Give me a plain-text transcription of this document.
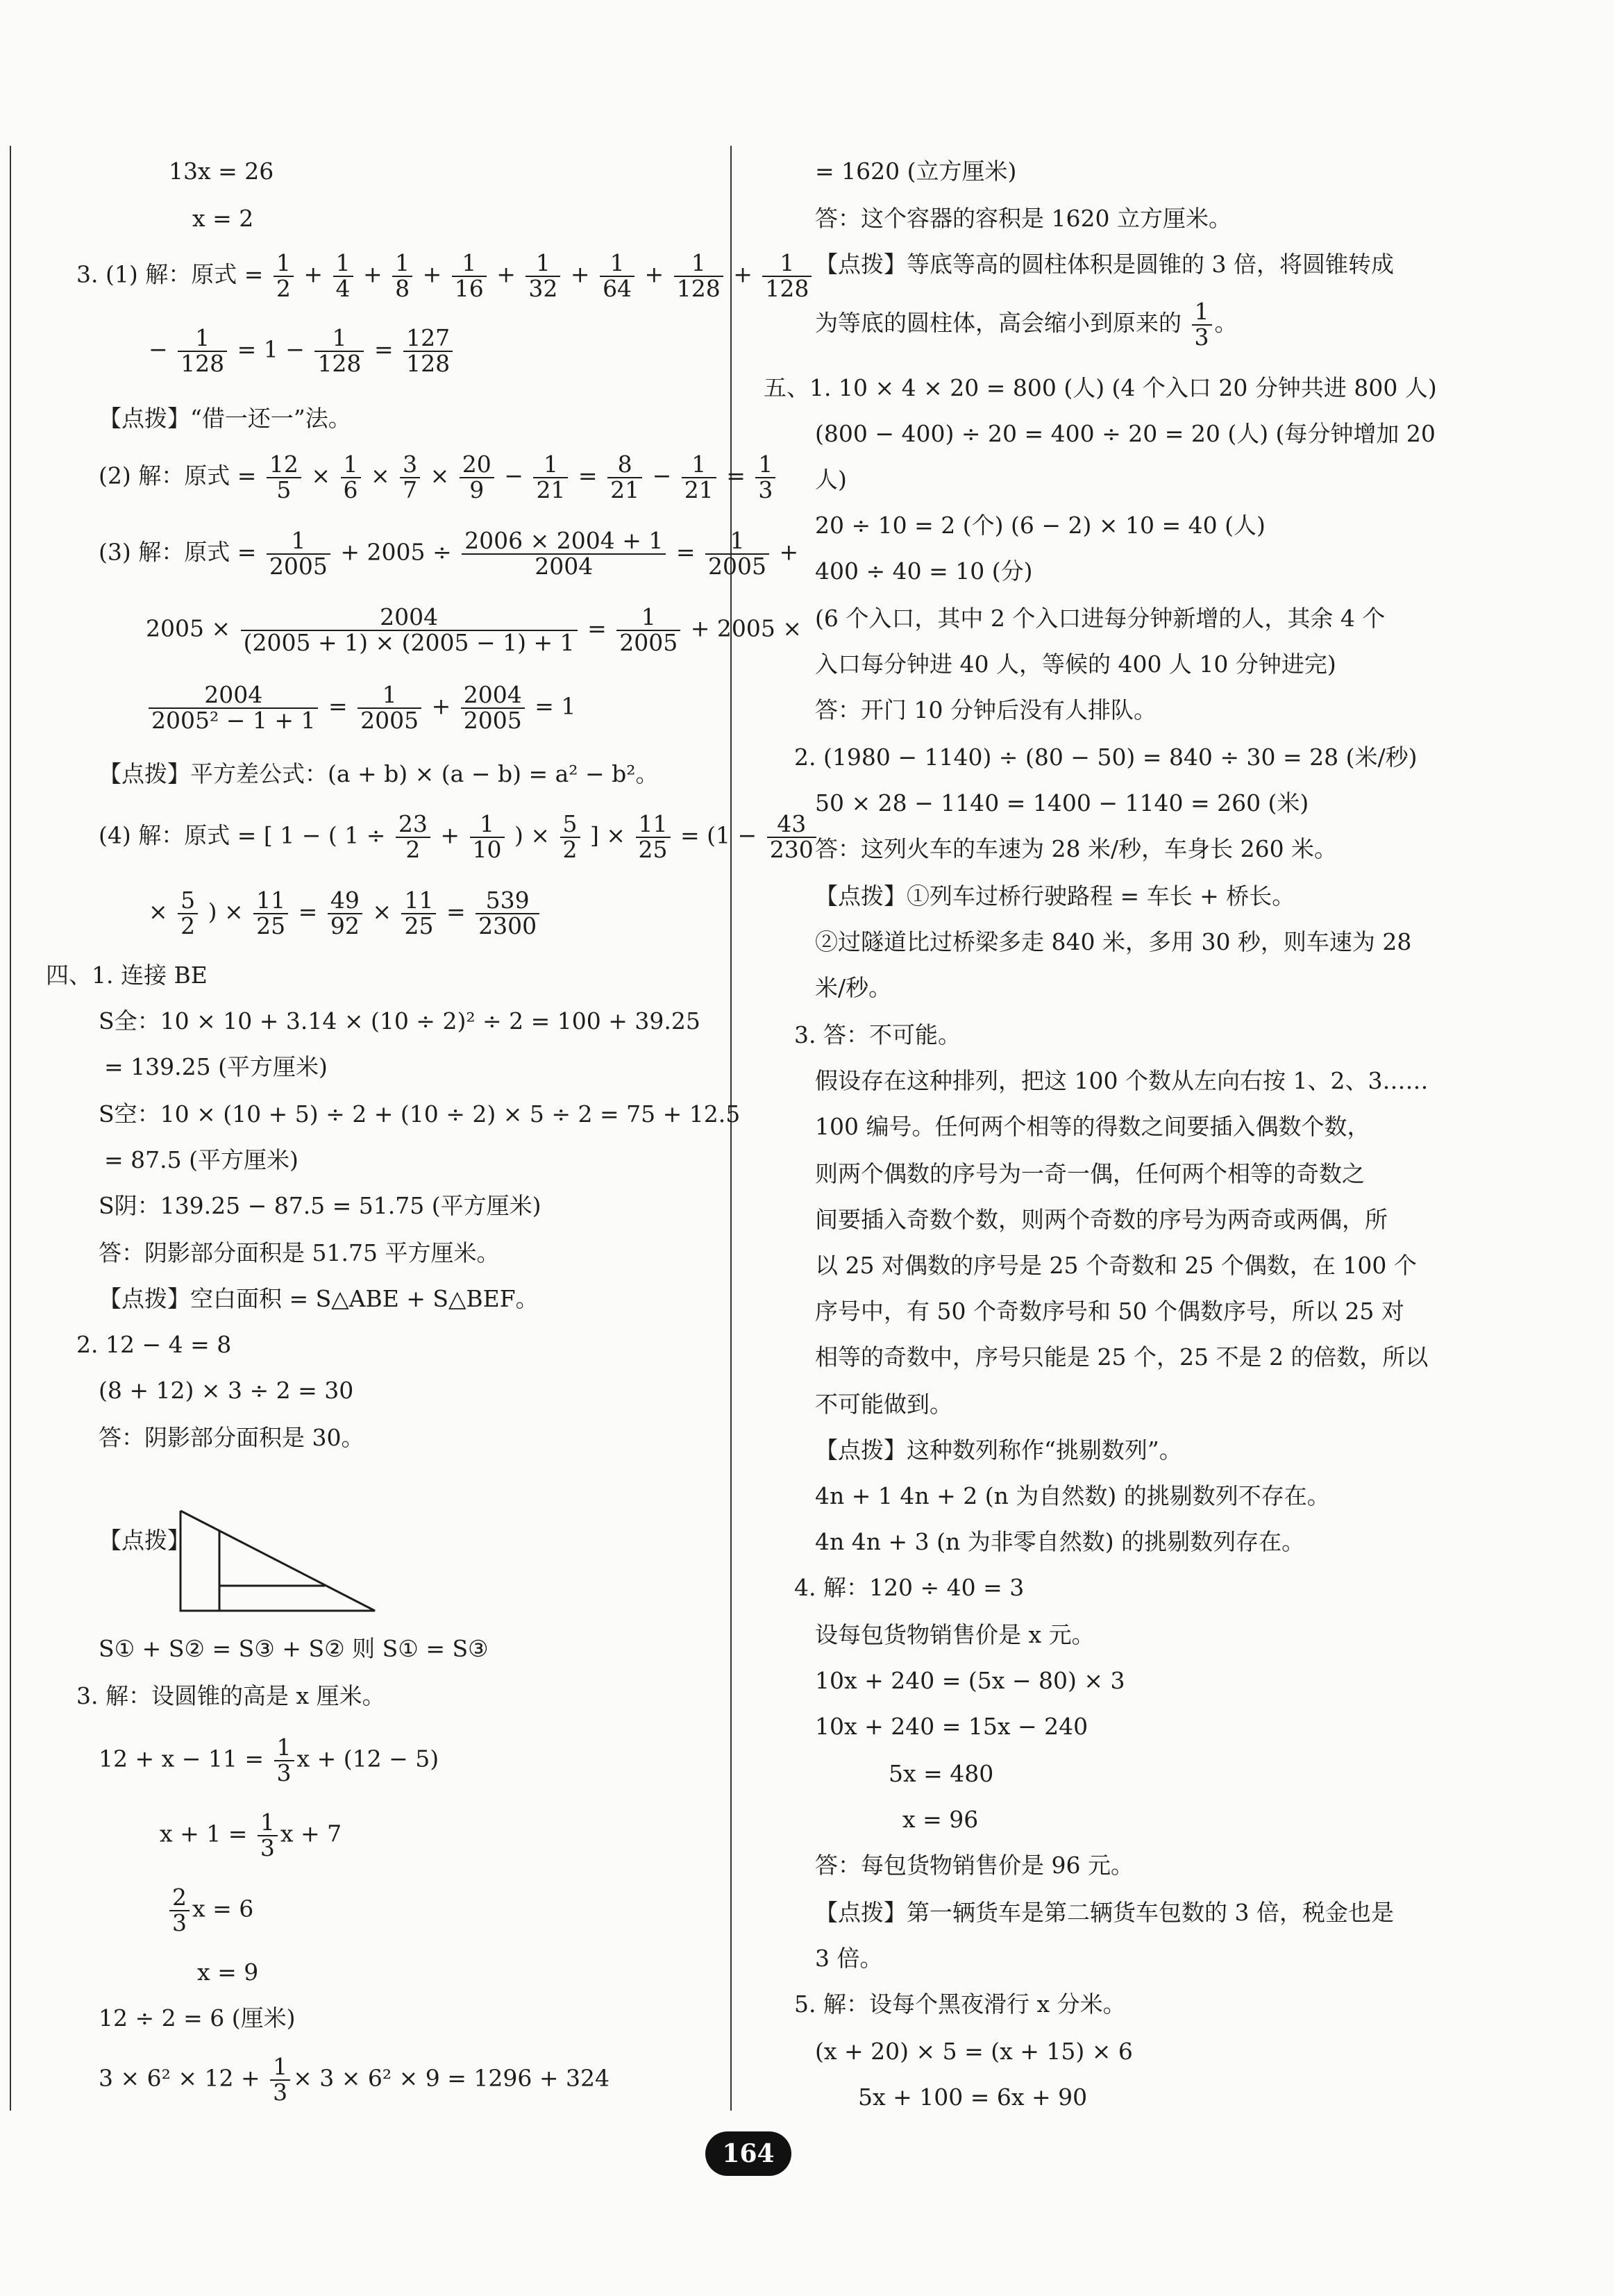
13x = 26
x = 2
3. (1) 解：原式 = $\frac{1}{2} + \frac{1}{4} + \frac{1}{8} + \frac{1}{16} + \frac{1}{32} + \frac{1}{64} + \frac{1}{128} + \frac{1}{128}$
− $\frac{1}{128} = 1 - \frac{1}{128} = \frac{127}{128}$
【点拨】“借一还一”法。
(2) 解：原式 = $\frac{12}{5} \times \frac{1}{6} \times \frac{3}{7} \times \frac{20}{9} - \frac{1}{21} = \frac{8}{21} - \frac{1}{21} = \frac{1}{3}$
(3) 解：原式 = $\frac{1}{2005} + 2005 \div \frac{2006 \times 2004 + 1}{2004} = \frac{1}{2005}$ +
$2005 \times \frac{2004}{(2005 + 1) \times (2005 - 1) + 1} = \frac{1}{2005} + 2005$ ×
$\frac{2004}{\text{2005² − 1 + 1}} = \frac{1}{2005} + \frac{2004}{2005} = 1$
【点拨】平方差公式：(a + b) × (a − b) = a² − b²。
(4) 解：原式 = [ 1 − ( $1 \div \frac{23}{2} + \frac{1}{10}$ ) × $\frac{5}{2}$ ] × $\frac{11}{25} = (1 - \frac{43}{230}$
× $\frac{5}{2}$ ) × $\frac{11}{25} = \frac{49}{92} \times \frac{11}{25} = \frac{539}{2300}$
四、1. 连接 BE
S全：10 × 10 + 3.14 × (10 ÷ 2)² ÷ 2 = 100 + 39.25
= 139.25 (平方厘米)
S空：10 × (10 + 5) ÷ 2 + (10 ÷ 2) × 5 ÷ 2 = 75 + 12.5
= 87.5 (平方厘米)
S阴：139.25 − 87.5 = 51.75 (平方厘米)
答：阴影部分面积是 51.75 平方厘米。
【点拨】空白面积 = S△ABE + S△BEF。
2. 12 − 4 = 8
(8 + 12) × 3 ÷ 2 = 30
答：阴影部分面积是 30。
【点拨】
S① + S② = S③ + S② 则 S① = S③
3. 解：设圆锥的高是 x 厘米。
$12 + x - 11 = \frac{1}{3}$ x + (12 − 5)
$x + 1 = \frac{1}{3}$ x + 7
$\frac{2}{3}$ x = 6
x = 9
12 ÷ 2 = 6 (厘米)
$3 \times 6^2 \times 12 + \frac{1}{3} \times 3 \times 6^2 \times 9 = 1296 + 324$
= 1620 (立方厘米)
答：这个容器的容积是 1620 立方厘米。
【点拨】等底等高的圆柱体积是圆锥的 3 倍，将圆锥转成
为等底的圆柱体，高会缩小到原来的 $\frac{1}{3}$ 。
五、1. 10 × 4 × 20 = 800 (人) (4 个入口 20 分钟共进 800 人)
(800 − 400) ÷ 20 = 400 ÷ 20 = 20 (人) (每分钟增加 20
人)
20 ÷ 10 = 2 (个) (6 − 2) × 10 = 40 (人)
400 ÷ 40 = 10 (分)
(6 个入口，其中 2 个入口进每分钟新增的人，其余 4 个
入口每分钟进 40 人，等候的 400 人 10 分钟进完)
答：开门 10 分钟后没有人排队。
2. (1980 − 1140) ÷ (80 − 50) = 840 ÷ 30 = 28 (米/秒)
50 × 28 − 1140 = 1400 − 1140 = 260 (米)
答：这列火车的车速为 28 米/秒，车身长 260 米。
【点拨】①列车过桥行驶路程 = 车长 + 桥长。
②过隧道比过桥梁多走 840 米，多用 30 秒，则车速为 28
米/秒。
3. 答：不可能。
假设存在这种排列，把这 100 个数从左向右按 1、2、3……
100 编号。任何两个相等的得数之间要插入偶数个数，
则两个偶数的序号为一奇一偶，任何两个相等的奇数之
间要插入奇数个数，则两个奇数的序号为两奇或两偶，所
以 25 对偶数的序号是 25 个奇数和 25 个偶数，在 100 个
序号中，有 50 个奇数序号和 50 个偶数序号，所以 25 对
相等的奇数中，序号只能是 25 个，25 不是 2 的倍数，所以
不可能做到。
【点拨】这种数列称作“挑剔数列”。
4n + 1 4n + 2 (n 为自然数) 的挑剔数列不存在。
4n 4n + 3 (n 为非零自然数) 的挑剔数列存在。
4. 解：120 ÷ 40 = 3
设每包货物销售价是 x 元。
10x + 240 = (5x − 80) × 3
10x + 240 = 15x − 240
5x = 480
x = 96
答：每包货物销售价是 96 元。
【点拨】第一辆货车是第二辆货车包数的 3 倍，税金也是
3 倍。
5. 解：设每个黑夜滑行 x 分米。
(x + 20) × 5 = (x + 15) × 6
5x + 100 = 6x + 90
164
